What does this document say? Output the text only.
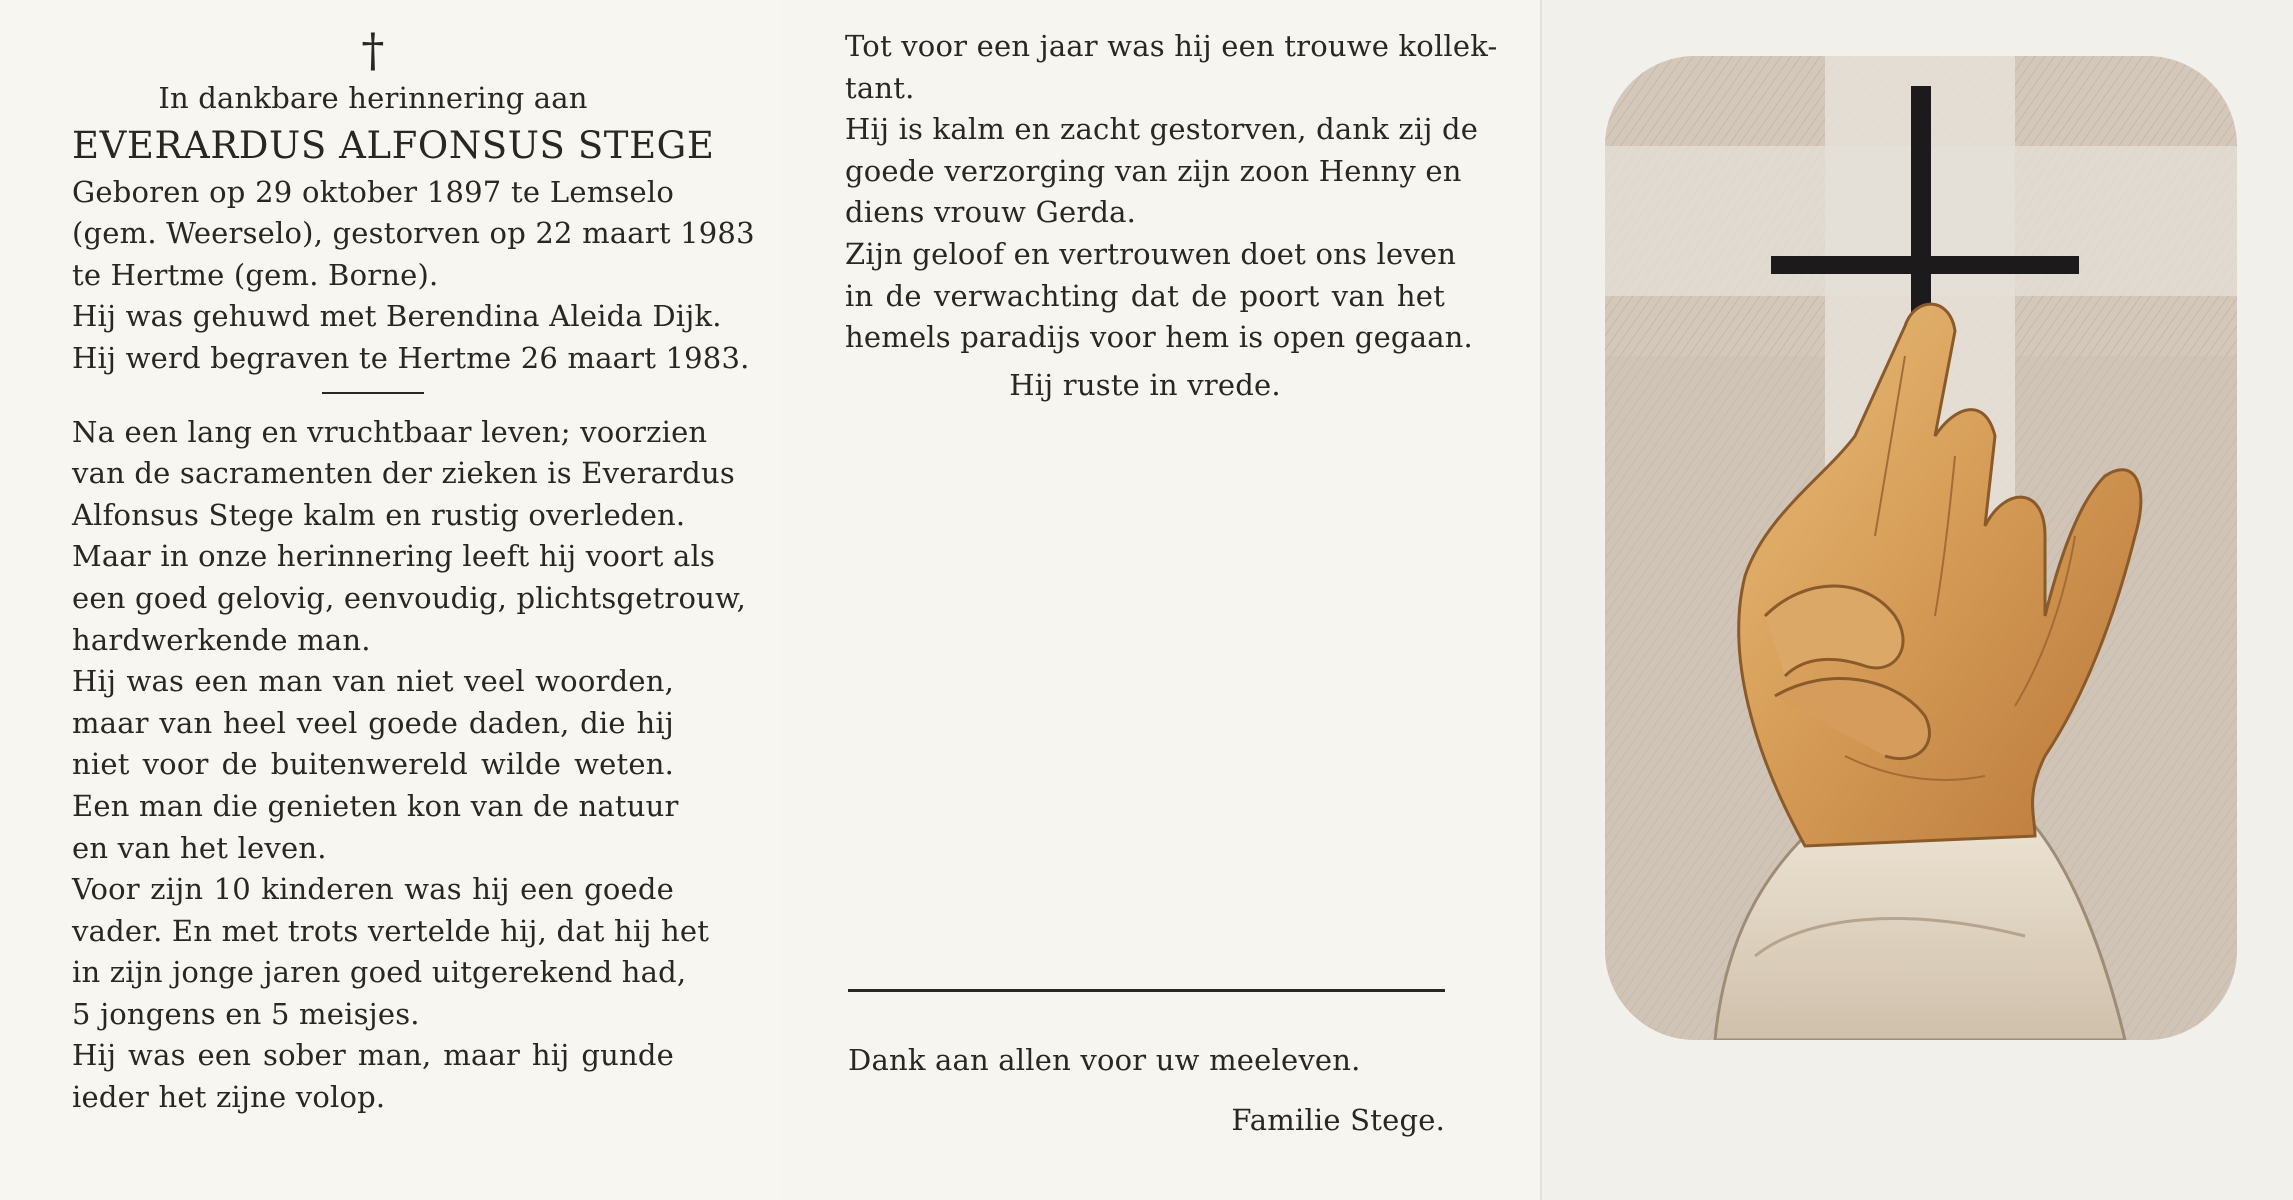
†
In dankbare herinnering aan
EVERARDUS ALFONSUS STEGE
Geboren op 29 oktober 1897 te Lemselo
(gem. Weerselo), gestorven op 22 maart 1983
te Hertme (gem. Borne).
Hij was gehuwd met Berendina Aleida Dijk.
Hij werd begraven te Hertme 26 maart 1983.
Na een lang en vruchtbaar leven; voorzien
van de sacramenten der zieken is Everardus
Alfonsus Stege kalm en rustig overleden.
Maar in onze herinnering leeft hij voort als
een goed gelovig, eenvoudig, plichtsgetrouw,
hardwerkende man.
Hij was een man van niet veel woorden,
maar van heel veel goede daden, die hij
niet voor de buitenwereld wilde weten.
Een man die genieten kon van de natuur
en van het leven.
Voor zijn 10 kinderen was hij een goede
vader. En met trots vertelde hij, dat hij het
in zijn jonge jaren goed uitgerekend had,
5 jongens en 5 meisjes.
Hij was een sober man, maar hij gunde
ieder het zijne volop.
Tot voor een jaar was hij een trouwe kollek-
tant.
Hij is kalm en zacht gestorven, dank zij de
goede verzorging van zijn zoon Henny en
diens vrouw Gerda.
Zijn geloof en vertrouwen doet ons leven
in de verwachting dat de poort van het
hemels paradijs voor hem is open gegaan.
Hij ruste in vrede.
Dank aan allen voor uw meeleven.
Familie Stege.
